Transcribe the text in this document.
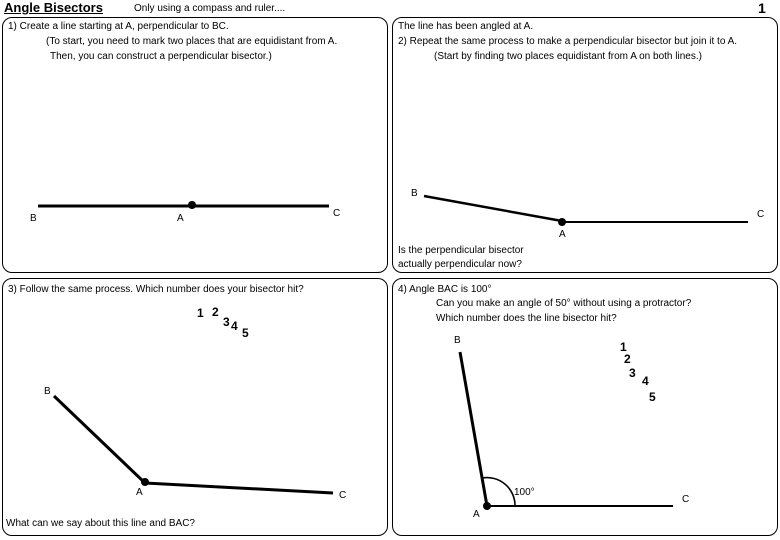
Angle Bisectors	Only using a compass and ruler....	1
1) Create a line starting at A, perpendicular to BC.
(To start, you need to mark two places that are equidistant from A.
Then, you can construct a perpendicular bisector.)
B	A	C
The line has been angled at A.
2) Repeat the same process to make a perpendicular bisector but join it to A.
(Start by finding two places equidistant from A on both lines.)
B
C
A
Is the perpendicular bisector
actually perpendicular now?
3) Follow the same process. Which number does your bisector hit?
1 2
3 4 5
B
A	C
What can we say about this line and BAC?
4) Angle BAC is 100°
Can you make an angle of 50° without using a protractor?
Which number does the line bisector hit?
B	1
2
3
4
5
100°
C
A
